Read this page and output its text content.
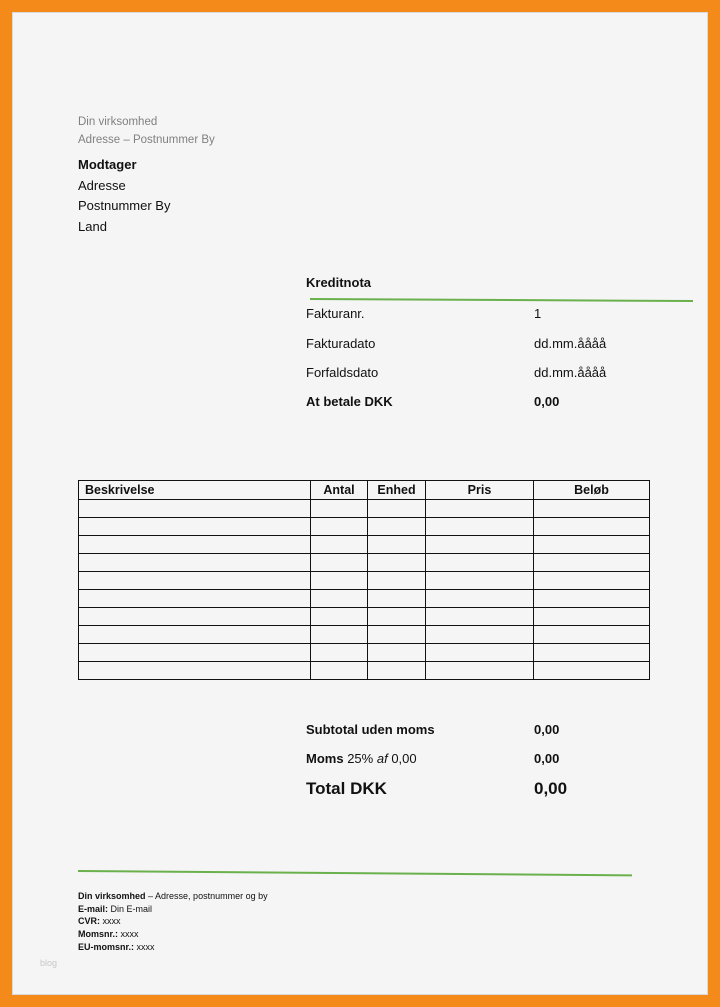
Din virksomhed
Adresse – Postnummer By
Modtager
Adresse
Postnummer By
Land
Kreditnota
Fakturanr.	1
Fakturadato	dd.mm.åååå
Forfaldsdato	dd.mm.åååå
At betale DKK	0,00
Beskrivelse	Antal	Enhed	Pris	Beløb

Subtotal uden moms	0,00
Moms 25% af 0,00	0,00
Total DKK	0,00
Din virksomhed – Adresse, postnummer og by
E-mail: Din E-mail
CVR: xxxx
Momsnr.: xxxx
EU-momsnr.: xxxx
blog
